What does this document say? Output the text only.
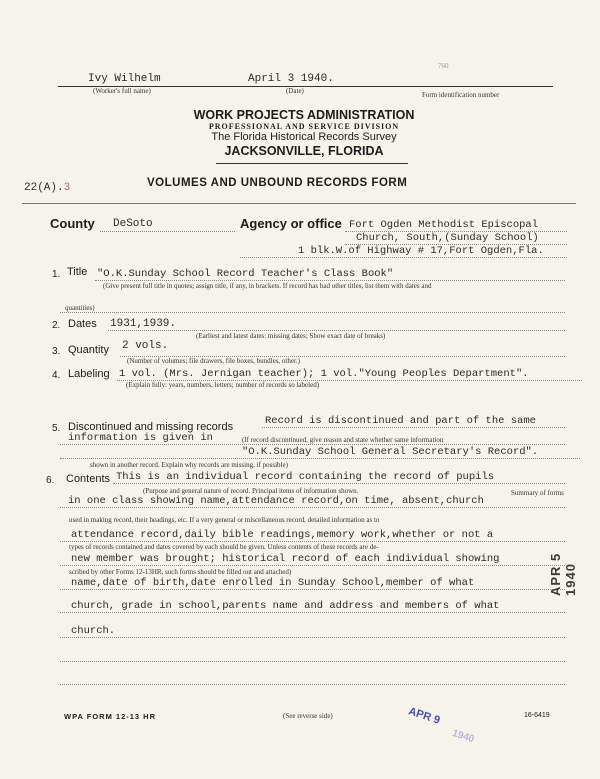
Ivy Wilhelm	April 3 1940.
760
(Worker's full name)	(Date)	Form identification number
WORK PROJECTS ADMINISTRATION
PROFESSIONAL AND SERVICE DIVISION
The Florida Historical Records Survey
JACKSONVILLE, FLORIDA
22(A).3	VOLUMES AND UNBOUND RECORDS FORM
County DeSoto	Agency or office Fort Ogden Methodist Episcopal
Church, South,(Sunday School)
1 blk.W.of Highway # 17,Fort Ogden,Fla.
1. Title "O.K.Sunday School Record Teacher's Class Book"
(Give present full title in quotes; assign title, if any, in brackets. If record has had other titles, list them with dates and
quantities)
2. Dates 1931,1939.
(Earliest and latest dates: missing dates; Show exact date of breaks)
3. Quantity 2 vols.
(Number of volumes; file drawers, file boxes, bundles, other.)
4. Labeling 1 vol. (Mrs. Jernigan teacher); 1 vol."Young Peoples Department".
(Explain fully: years, numbers, letters; number of records so labeled)
5. Discontinued and missing records	Record is discontinued and part of the same
information is given in	(If record discontinued, give reason and state whether same information
"O.K.Sunday School General Secretary's Record".
shown in another record. Explain why records are missing, if possible)
6. Contents This is an individual record containing the record of pupils
(Purpose and general nature of record. Principal items of information shown.	Summary of forms
in one class showing name,attendance record,on time, absent,church
used in making record, their headings, etc. If a very general or miscellaneous record, detailed information as to
attendance record,daily bible readings,memory work,whether or not a
types of records contained and dates covered by each should be given. Unless contents of these records are de-
new member was brought; historical record of each individual showing
scribed by other Forms 12-13HR, such forms should be filled out and attached)
name,date of birth,date enrolled in Sunday School,member of what
church, grade in school,parents name and address and members of what
church.
APR 5 1940
APR 9
1940
WPA FORM 12-13 HR	(See reverse side)	16-6419
